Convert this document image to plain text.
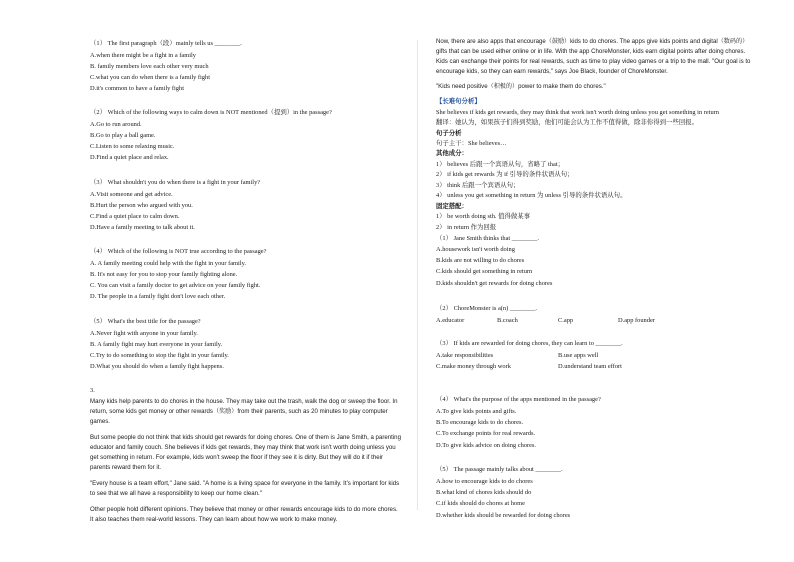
（1） The first paragraph（段）mainly tells us ________.
A.when there might be a fight in a family
B. family members love each other very much
C.what you can do when there is a family fight
D.it's common to have a family fight
（2） Which of the following ways to calm down is NOT mentioned（提到）in the passage?
A.Go to run around.
B.Go to play a ball game.
C.Listen to some relaxing music.
D.Find a quiet place and relax.
（3） What shouldn't you do when there is a fight in your family?
A.Visit someone and get advice.
B.Hurt the person who argued with you.
C.Find a quiet place to calm down.
D.Have a family meeting to talk about it.
（4） Which of the following is NOT true according to the passage?
A. A family meeting could help with the fight in your family.
B. It's not easy for you to stop your family fighting alone.
C. You can visit a family doctor to get advice on your family fight.
D. The people in a family fight don't love each other.
（5） What's the best title for the passage?
A.Never fight with anyone in your family.
B. A family fight may hurt everyone in your family.
C.Try to do something to stop the fight in your family.
D.What you should do when a family fight happens.
3.
Many kids help parents to do chores in the house. They may take out the trash, walk the dog or sweep the floor. In
return, some kids get money or other rewards（奖励）from their parents, such as 20 minutes to play computer
games.
But some people do not think that kids should get rewards for doing chores. One of them is Jane Smith, a parenting
educator and family couch. She believes if kids get rewards, they may think that work isn't worth doing unless you
get something in return. For example, kids won't sweep the floor if they see it is dirty. But they will do it if their
parents reward them for it.
"Every house is a team effort," Jane said. "A home is a living space for everyone in the family. It's important for kids
to see that we all have a responsibility to keep our home clean."
Other people hold different opinions. They believe that money or other rewards encourage kids to do more chores.
It also teaches them real-world lessons. They can learn about how we work to make money.
Now, there are also apps that encourage（鼓励）kids to do chores. The apps give kids points and digital（数码的）
gifts that can be used either online or in life. With the app ChoreMonster, kids earn digital points after doing chores.
Kids can exchange their points for real rewards, such as time to play video games or a trip to the mall. "Our goal is to
encourage kids, so they can earn rewards," says Joe Black, founder of ChoreMonster.
"Kids need positive（积极的）power to make them do chores."
【长难句分析】
She believes if kids get rewards, they may think that work isn't worth doing unless you get something in return
翻译：她认为，如果孩子们得到奖励，他们可能会认为工作不值得做，除非你得到一些回报。
句子分析
句子主干：She believes…
其他成分：
1） believes 后跟一个宾语从句，省略了 that；
2） if kids get rewards 为 if 引导的条件状语从句；
3） think 后跟一个宾语从句；
4） unless you get something in return 为 unless 引导的条件状语从句。
固定搭配：
1） be worth doing sth. 值得做某事
2） in return 作为回报
（1） Jane Smith thinks that ________.
A.housework isn't worth doing
B.kids are not willing to do chores
C.kids should get something in return
D.kids shouldn't get rewards for doing chores
（2） ChoreMonster is a(n) ________.
A.educator	B.coach	C.app	D.app founder
（3） If kids are rewarded for doing chores, they can learn to ________.
A.take responsibilities	B.use apps well
C.make money through work	D.understand team effort
（4） What's the purpose of the apps mentioned in the passage?
A.To give kids points and gifts.
B.To encourage kids to do chores.
C.To exchange points for real rewards.
D.To give kids advice on doing chores.
（5） The passage mainly talks about ________.
A.how to encourage kids to do chores
B.what kind of chores kids should do
C.if kids should do chores at home
D.whether kids should be rewarded for doing chores
